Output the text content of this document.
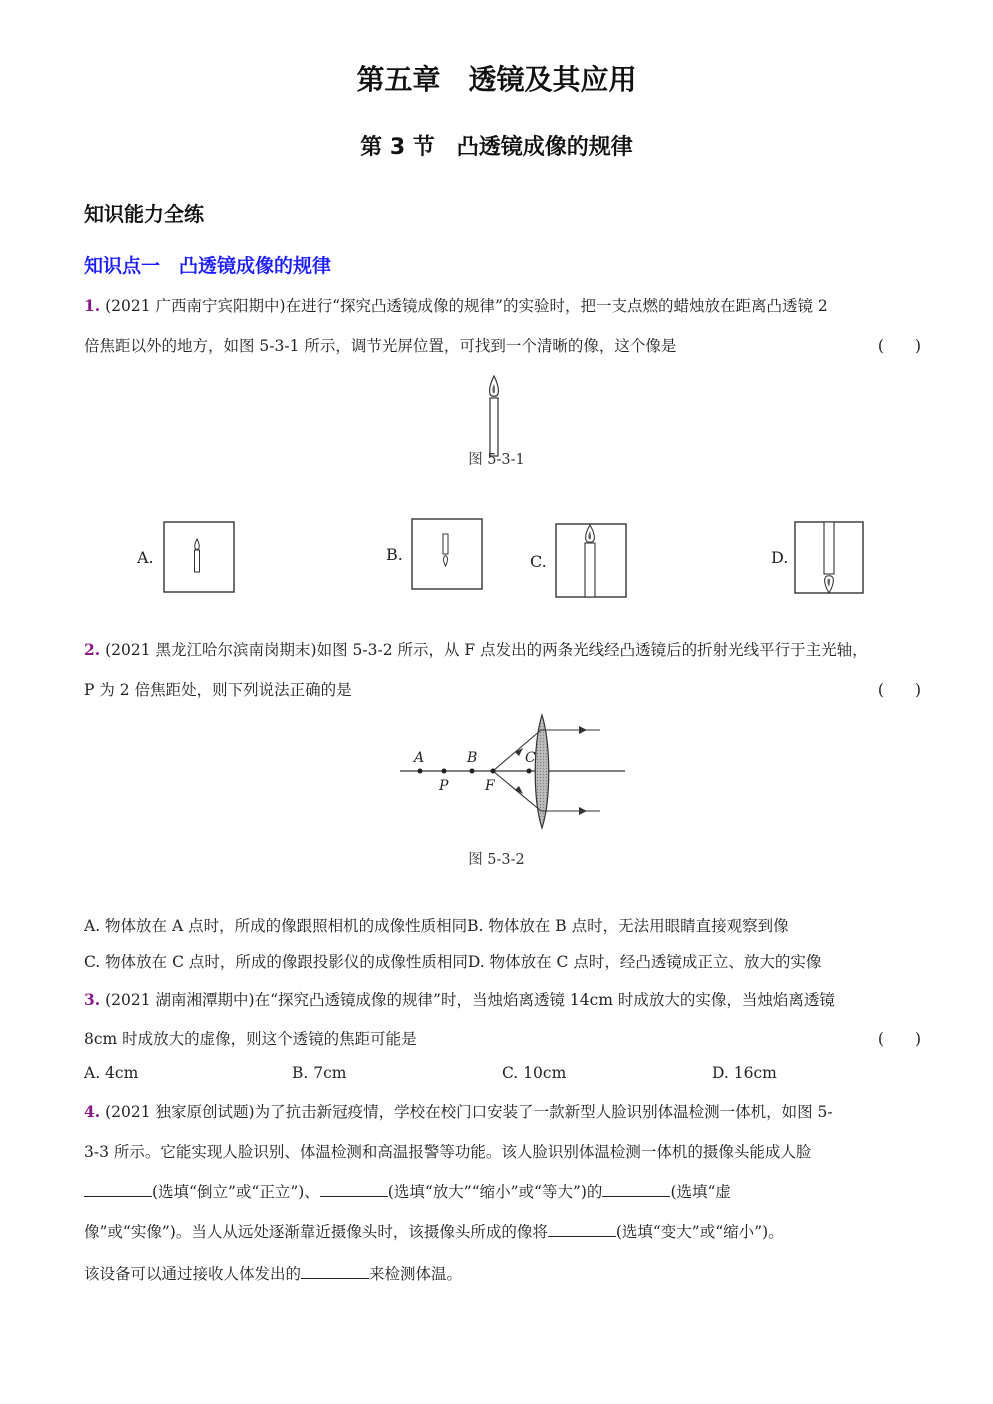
第五章　透镜及其应用
第 3 节　凸透镜成像的规律
知识能力全练
知识点一　凸透镜成像的规律
1. (2021 广西南宁宾阳期中)在进行“探究凸透镜成像的规律”的实验时，把一支点燃的蜡烛放在距离凸透镜 2
倍焦距以外的地方，如图 5-3-1 所示，调节光屏位置，可找到一个清晰的像，这个像是	(　　)
图 5-3-1
A.	B.	C.	D.
2. (2021 黑龙江哈尔滨南岗期末)如图 5-3-2 所示，从 F 点发出的两条光线经凸透镜后的折射光线平行于主光轴，
P 为 2 倍焦距处，则下列说法正确的是	(　　)
A
P
B
F
C
图 5-3-2
A. 物体放在 A 点时，所成的像跟照相机的成像性质相同B. 物体放在 B 点时，无法用眼睛直接观察到像
C. 物体放在 C 点时，所成的像跟投影仪的成像性质相同D. 物体放在 C 点时，经凸透镜成正立、放大的实像
3. (2021 湖南湘潭期中)在“探究凸透镜成像的规律”时，当烛焰离透镜 14cm 时成放大的实像，当烛焰离透镜
8cm 时成放大的虚像，则这个透镜的焦距可能是	(　　)
A. 4cm	B. 7cm	C. 10cm	D. 16cm
4. (2021 独家原创试题)为了抗击新冠疫情，学校在校门口安装了一款新型人脸识别体温检测一体机，如图 5-
3-3 所示。它能实现人脸识别、体温检测和高温报警等功能。该人脸识别体温检测一体机的摄像头能成人脸
(选填“倒立”或“正立”)、	(选填“放大”“缩小”或“等大”)的	(选填“虚
像”或“实像”)。当人从远处逐渐靠近摄像头时，该摄像头所成的像将	(选填“变大”或“缩小”)。
该设备可以通过接收人体发出的	来检测体温。
